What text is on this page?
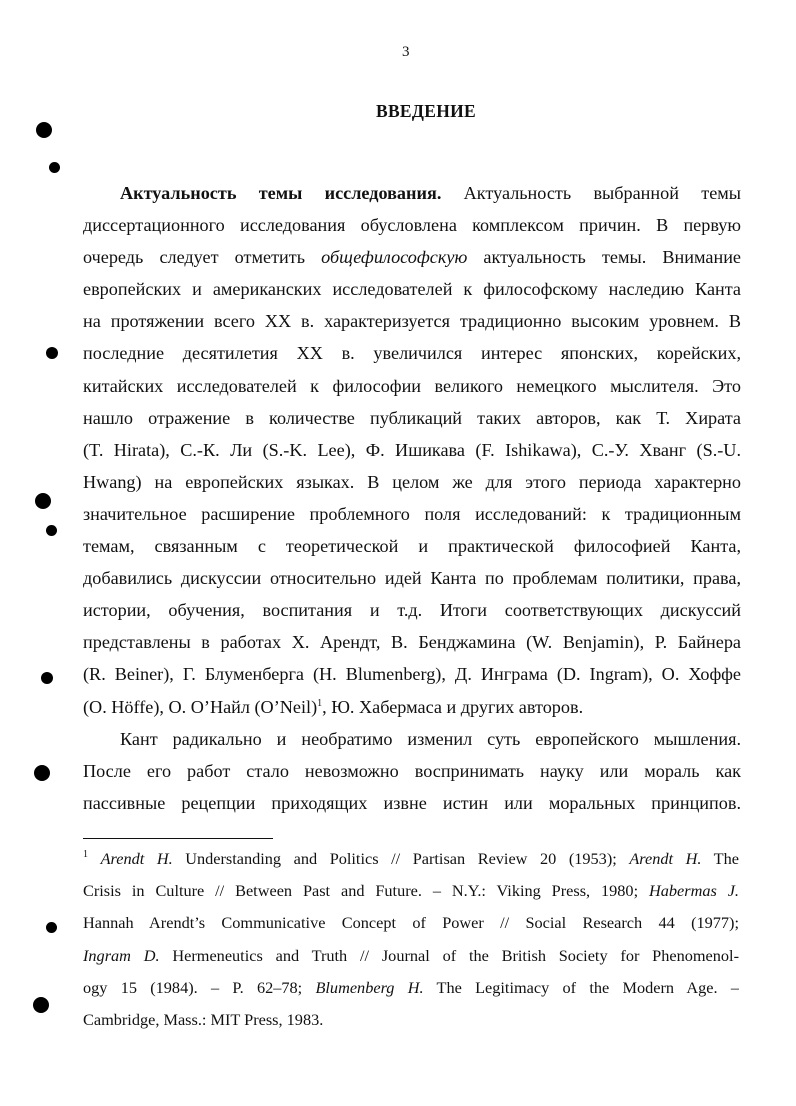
3
ВВЕДЕНИЕ
Актуальность темы исследования. Актуальность выбранной темы
диссертационного исследования обусловлена комплексом причин. В первую
очередь следует отметить общефилософскую актуальность темы. Внимание
европейских и американских исследователей к философскому наследию Канта
на протяжении всего XX в. характеризуется традиционно высоким уровнем. В
последние десятилетия XX в. увеличился интерес японских, корейских,
китайских исследователей к философии великого немецкого мыслителя. Это
нашло отражение в количестве публикаций таких авторов, как Т. Хирата
(T. Hirata), С.-К. Ли (S.-K. Lee), Ф. Ишикава (F. Ishikawa), С.-У. Хванг (S.-U.
Hwang) на европейских языках. В целом же для этого периода характерно
значительное расширение проблемного поля исследований: к традиционным
темам, связанным с теоретической и практической философией Канта,
добавились дискуссии относительно идей Канта по проблемам политики, права,
истории, обучения, воспитания и т.д. Итоги соответствующих дискуссий
представлены в работах Х. Арендт, В. Бенджамина (W. Benjamin), Р. Байнера
(R. Beiner), Г. Блуменберга (H. Blumenberg), Д. Инграма (D. Ingram), О. Хоффе
(O. Höffe), О. О’Найл (O’Neil)$^1$, Ю. Хабермаса и других авторов.
Кант радикально и необратимо изменил суть европейского мышления.
После его работ стало невозможно воспринимать науку или мораль как
пассивные рецепции приходящих извне истин или моральных принципов.
$^1$ Arendt H. Understanding and Politics // Partisan Review 20 (1953); Arendt H. The
Crisis in Culture // Between Past and Future. – N.Y.: Viking Press, 1980; Habermas J.
Hannah Arendt’s Communicative Concept of Power // Social Research 44 (1977);
Ingram D. Hermeneutics and Truth // Journal of the British Society for Phenomenol-
ogy 15 (1984). – P. 62–78; Blumenberg H. The Legitimacy of the Modern Age. –
Cambridge, Mass.: MIT Press, 1983.
